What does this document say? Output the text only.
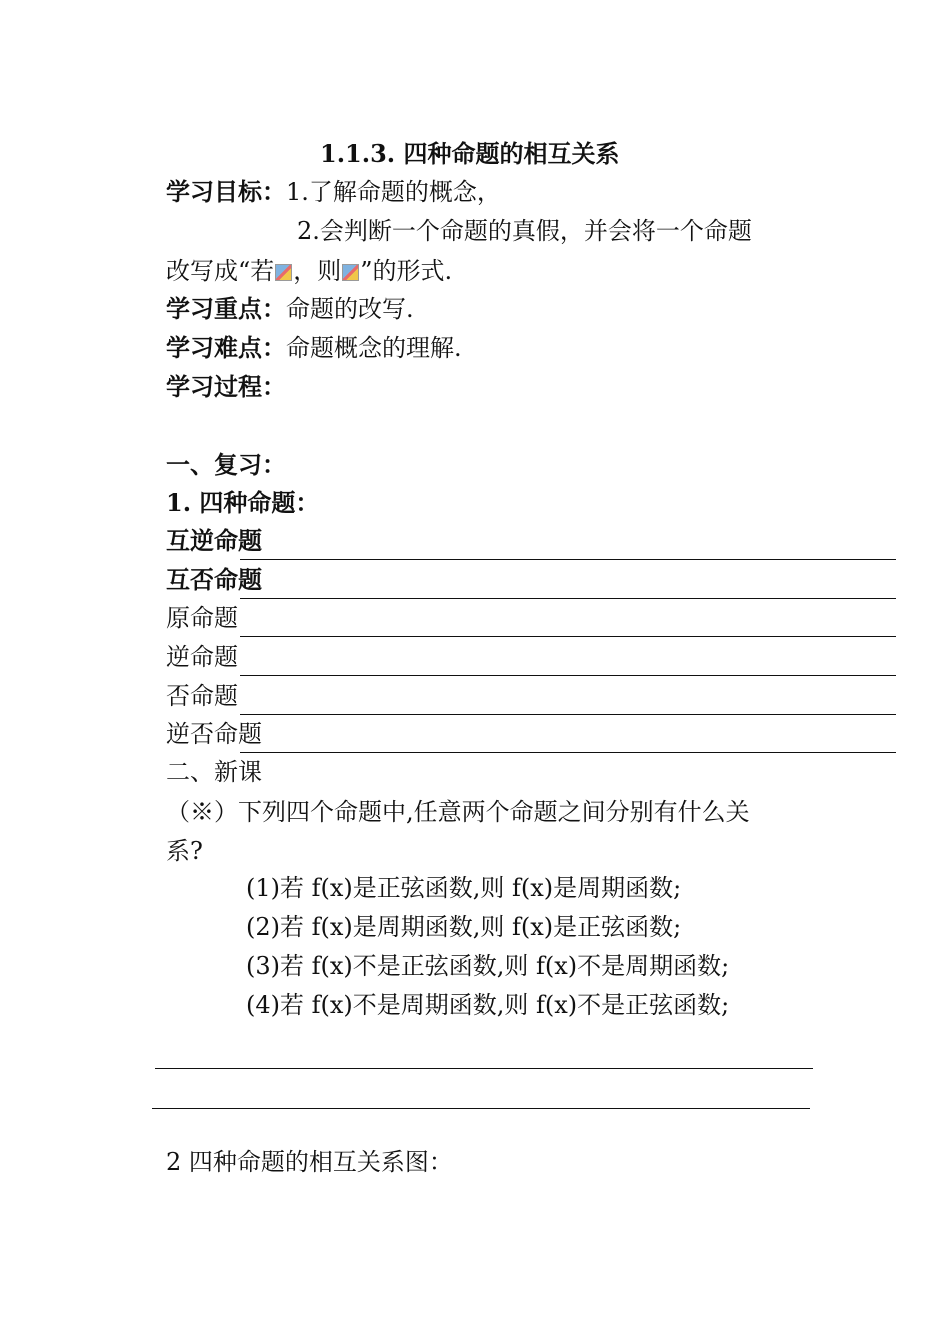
1.1.3. 四种命题的相互关系
学习目标：1.了解命题的概念，
2.会判断一个命题的真假，并会将一个命题
改写成“若 ，则 ”的形式.
学习重点：命题的改写.
学习难点：命题概念的理解.
学习过程：
一、复习：
1. 四种命题：
互逆命题
互否命题
原命题
逆命题
否命题
逆否命题
二、新课
（※）下列四个命题中,任意两个命题之间分别有什么关
系?
(1)若 f(x)是正弦函数,则 f(x)是周期函数;
(2)若 f(x)是周期函数,则 f(x)是正弦函数;
(3)若 f(x)不是正弦函数,则 f(x)不是周期函数;
(4)若 f(x)不是周期函数,则 f(x)不是正弦函数;
2 四种命题的相互关系图：
